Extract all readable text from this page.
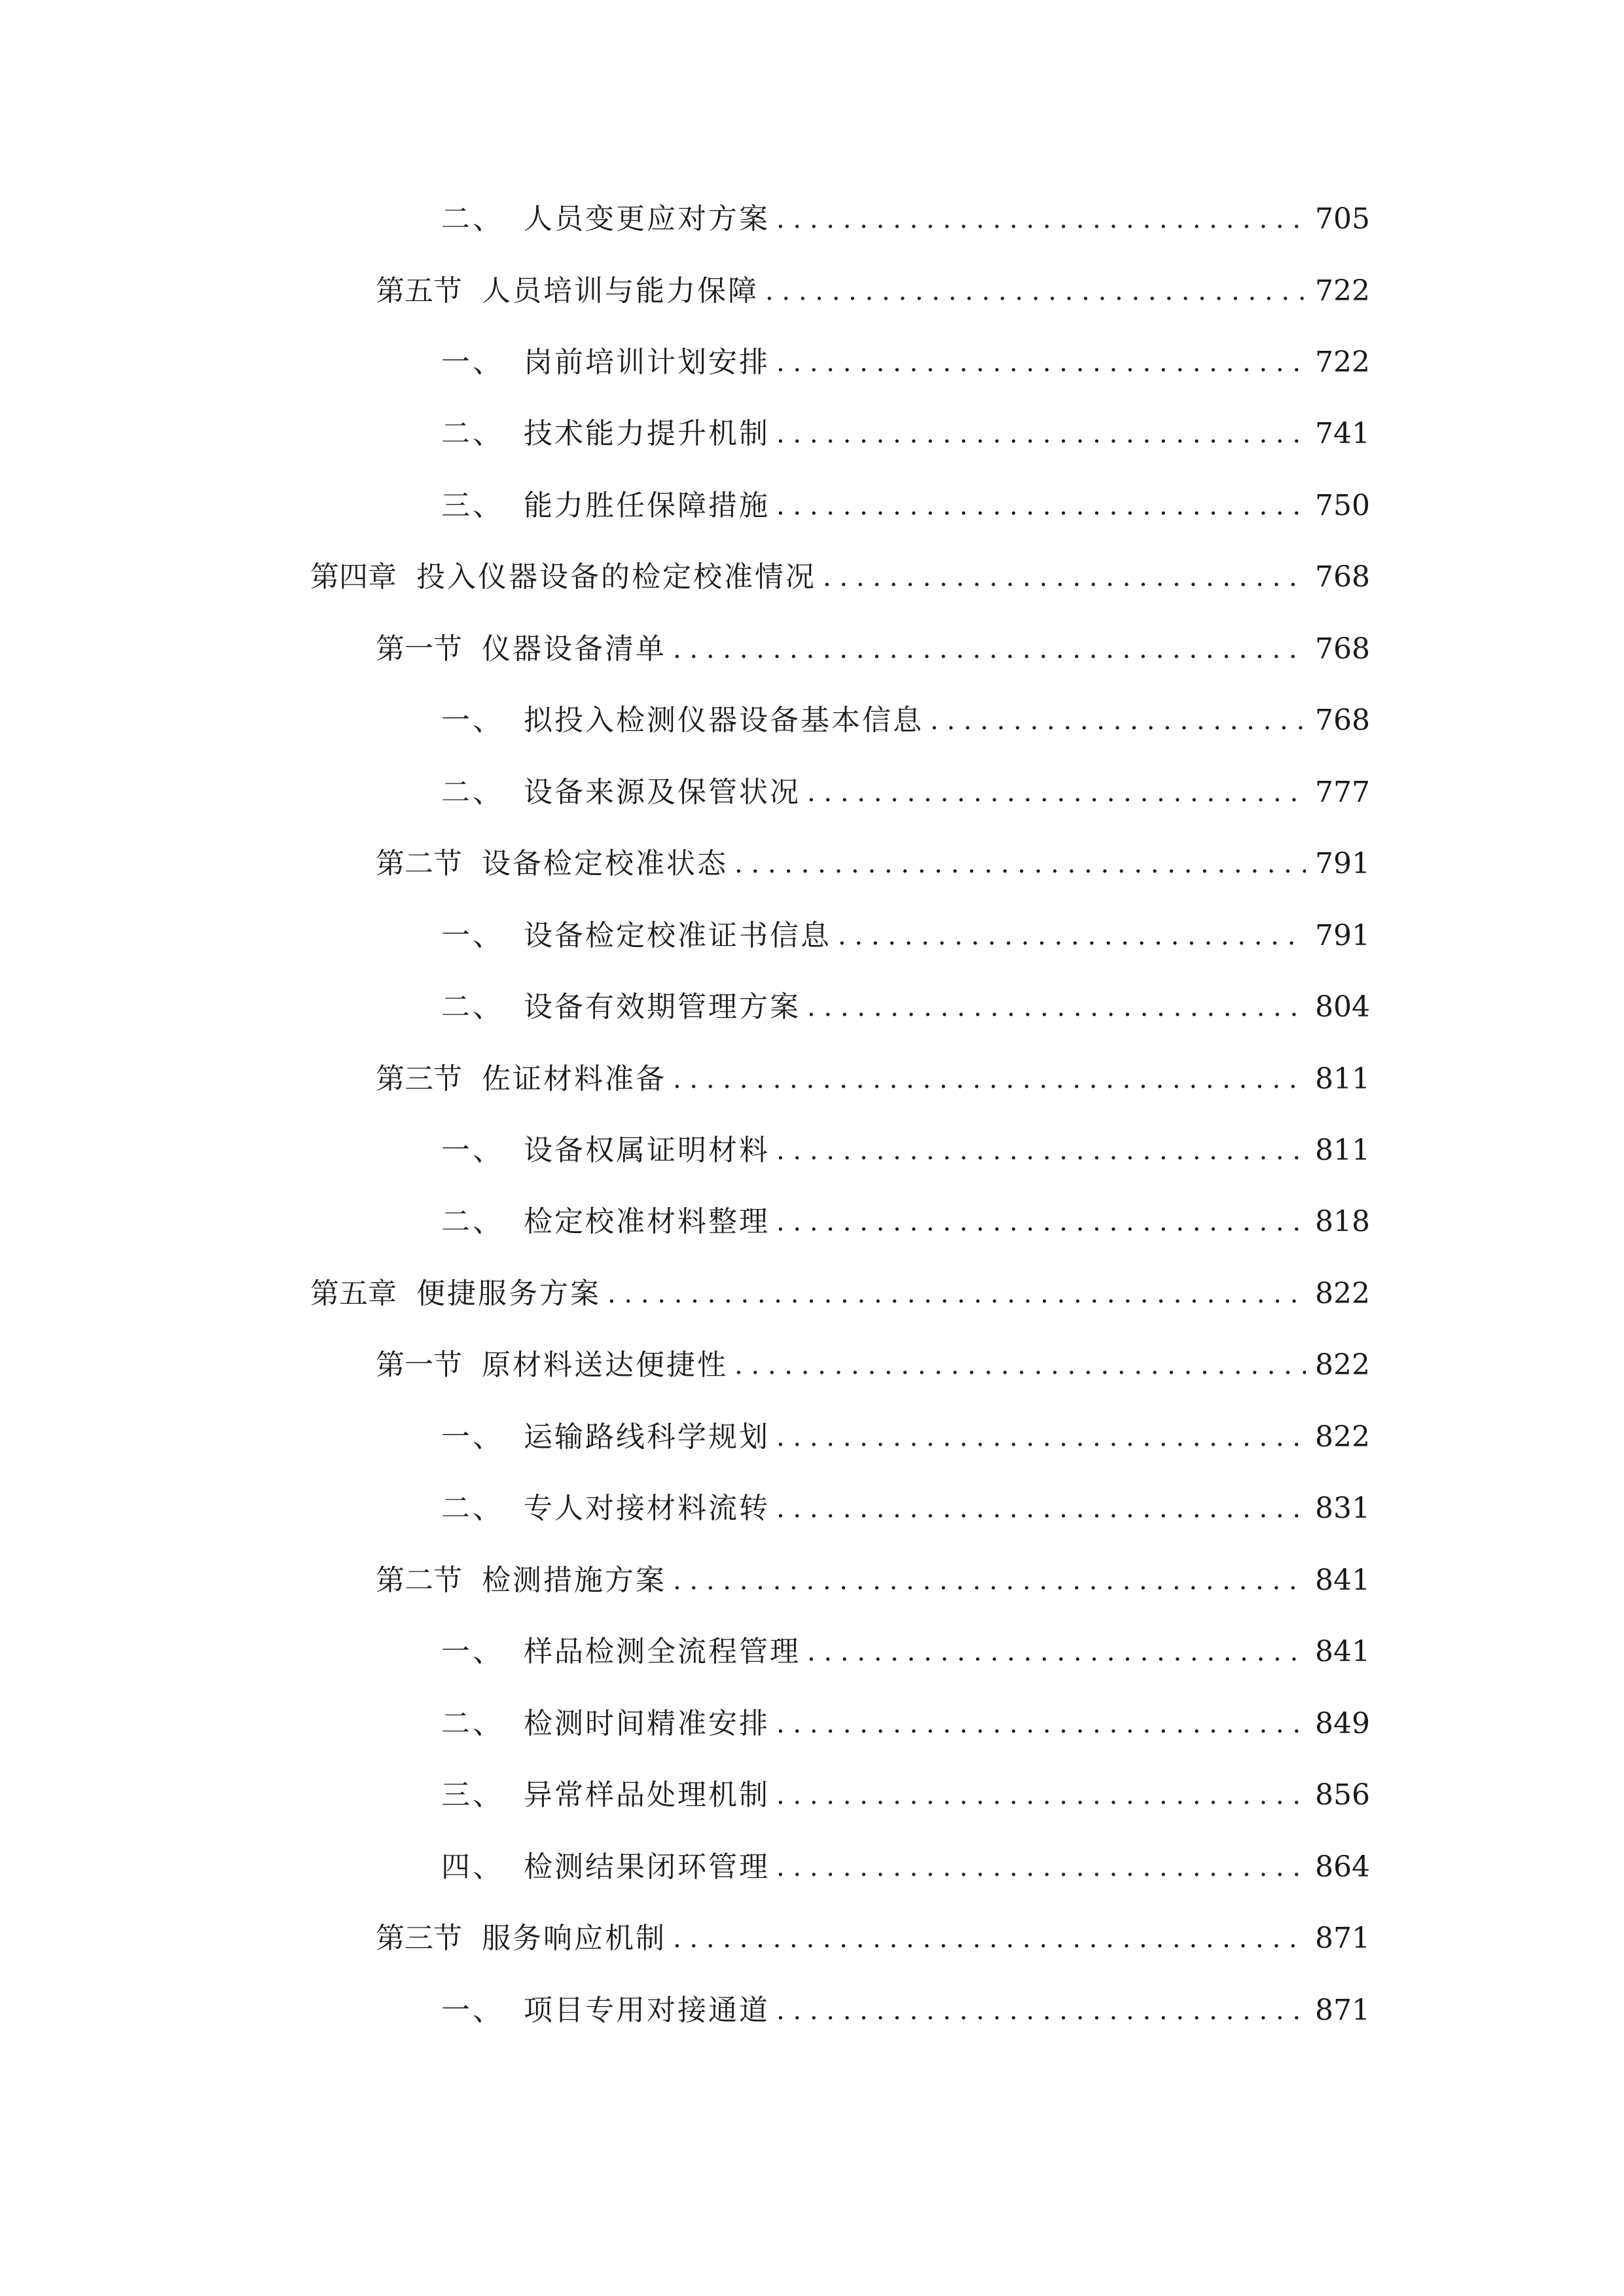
二、 人员变更应对方案 . . .	705
第五节 人员培训与能力保障 . . .	722
一、 岗前培训计划安排 . . .	722
二、 技术能力提升机制 . . .	741
三、 能力胜任保障措施 . . .	750
第四章 投入仪器设备的检定校准情况 . . .	768
第一节 仪器设备清单 . . .	768
一、 拟投入检测仪器设备基本信息 . . .	768
二、 设备来源及保管状况 . . .	777
第二节 设备检定校准状态 . . .	791
一、 设备检定校准证书信息 . . .	791
二、 设备有效期管理方案 . . .	804
第三节 佐证材料准备 . . .	811
一、 设备权属证明材料 . . .	811
二、 检定校准材料整理 . . .	818
第五章 便捷服务方案 . . .	822
第一节 原材料送达便捷性 . . .	822
一、 运输路线科学规划 . . .	822
二、 专人对接材料流转 . . .	831
第二节 检测措施方案 . . .	841
一、 样品检测全流程管理 . . .	841
二、 检测时间精准安排 . . .	849
三、 异常样品处理机制 . . .	856
四、 检测结果闭环管理 . . .	864
第三节 服务响应机制 . . .	871
一、 项目专用对接通道 . . .	871
